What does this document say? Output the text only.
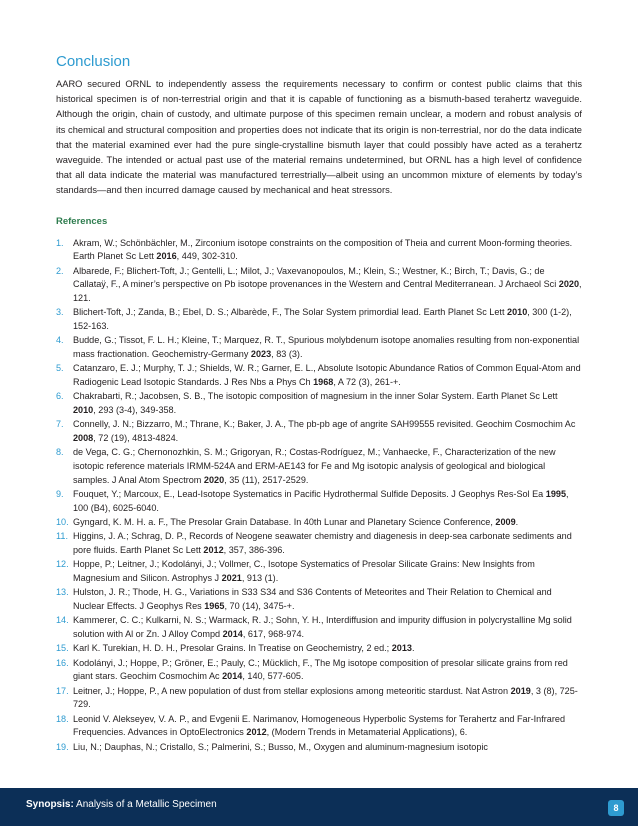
Conclusion

AARO secured ORNL to independently assess the requirements necessary to confirm or contest public claims that this historical specimen is of non-terrestrial origin and that it is capable of functioning as a bismuth-based terahertz waveguide. Although the origin, chain of custody, and ultimate purpose of this specimen remain unclear, a modern and robust analysis of its chemical and structural composition and properties does not indicate that its origin is non-terrestrial, nor do the data indicate that the material examined ever had the pure single-crystalline bismuth layer that could possibly have acted as a terahertz waveguide. The intended or actual past use of the material remains undetermined, but ORNL has a high level of confidence that all data indicate the material was manufactured terrestrially—albeit using an uncommon mixture of elements by today’s standards—and then incurred damage caused by mechanical and heat stressors.

References
1. Akram, W.; Schönbächler, M., Zirconium isotope constraints on the composition of Theia and current Moon-forming theories. Earth Planet Sc Lett 2016, 449, 302-310.
2. Albarede, F.; Blichert-Toft, J.; Gentelli, L.; Milot, J.; Vaxevanopoulos, M.; Klein, S.; Westner, K.; Birch, T.; Davis, G.; de Callataÿ, F., A miner’s perspective on Pb isotope provenances in the Western and Central Mediterranean. J Archaeol Sci 2020, 121.
3. Blichert-Toft, J.; Zanda, B.; Ebel, D. S.; Albarède, F., The Solar System primordial lead. Earth Planet Sc Lett 2010, 300 (1-2), 152-163.
4. Budde, G.; Tissot, F. L. H.; Kleine, T.; Marquez, R. T., Spurious molybdenum isotope anomalies resulting from non-exponential mass fractionation. Geochemistry-Germany 2023, 83 (3).
5. Catanzaro, E. J.; Murphy, T. J.; Shields, W. R.; Garner, E. L., Absolute Isotopic Abundance Ratios of Common Equal-Atom and Radiogenic Lead Isotopic Standards. J Res Nbs a Phys Ch 1968, A 72 (3), 261-+.
6. Chakrabarti, R.; Jacobsen, S. B., The isotopic composition of magnesium in the inner Solar System. Earth Planet Sc Lett 2010, 293 (3-4), 349-358.
7. Connelly, J. N.; Bizzarro, M.; Thrane, K.; Baker, J. A., The pb-pb age of angrite SAH99555 revisited. Geochim Cosmochim Ac 2008, 72 (19), 4813-4824.
8. de Vega, C. G.; Chernonozhkin, S. M.; Grigoryan, R.; Costas-Rodríguez, M.; Vanhaecke, F., Characterization of the new isotopic reference materials IRMM-524A and ERM-AE143 for Fe and Mg isotopic analysis of geological and biological samples. J Anal Atom Spectrom 2020, 35 (11), 2517-2529.
9. Fouquet, Y.; Marcoux, E., Lead-Isotope Systematics in Pacific Hydrothermal Sulfide Deposits. J Geophys Res-Sol Ea 1995, 100 (B4), 6025-6040.
10. Gyngard, K. M. H. a. F., The Presolar Grain Database. In 40th Lunar and Planetary Science Conference, 2009.
11. Higgins, J. A.; Schrag, D. P., Records of Neogene seawater chemistry and diagenesis in deep-sea carbonate sediments and pore fluids. Earth Planet Sc Lett 2012, 357, 386-396.
12. Hoppe, P.; Leitner, J.; Kodolányi, J.; Vollmer, C., Isotope Systematics of Presolar Silicate Grains: New Insights from Magnesium and Silicon. Astrophys J 2021, 913 (1).
13. Hulston, J. R.; Thode, H. G., Variations in S33 S34 and S36 Contents of Meteorites and Their Relation to Chemical and Nuclear Effects. J Geophys Res 1965, 70 (14), 3475-+.
14. Kammerer, C. C.; Kulkarni, N. S.; Warmack, R. J.; Sohn, Y. H., Interdiffusion and impurity diffusion in polycrystalline Mg solid solution with Al or Zn. J Alloy Compd 2014, 617, 968-974.
15. Karl K. Turekian, H. D. H., Presolar Grains. In Treatise on Geochemistry, 2 ed.; 2013.
16. Kodolányi, J.; Hoppe, P.; Gröner, E.; Pauly, C.; Mücklich, F., The Mg isotope composition of presolar silicate grains from red giant stars. Geochim Cosmochim Ac 2014, 140, 577-605.
17. Leitner, J.; Hoppe, P., A new population of dust from stellar explosions among meteoritic stardust. Nat Astron 2019, 3 (8), 725-729.
18. Leonid V. Alekseyev, V. A. P., and Evgenii E. Narimanov, Homogeneous Hyperbolic Systems for Terahertz and Far-Infrared Frequencies. Advances in OptoElectronics 2012, (Modern Trends in Metamaterial Applications), 6.
19. Liu, N.; Dauphas, N.; Cristallo, S.; Palmerini, S.; Busso, M., Oxygen and aluminum-magnesium isotopic
Synopsis: Analysis of a Metallic Specimen	8
